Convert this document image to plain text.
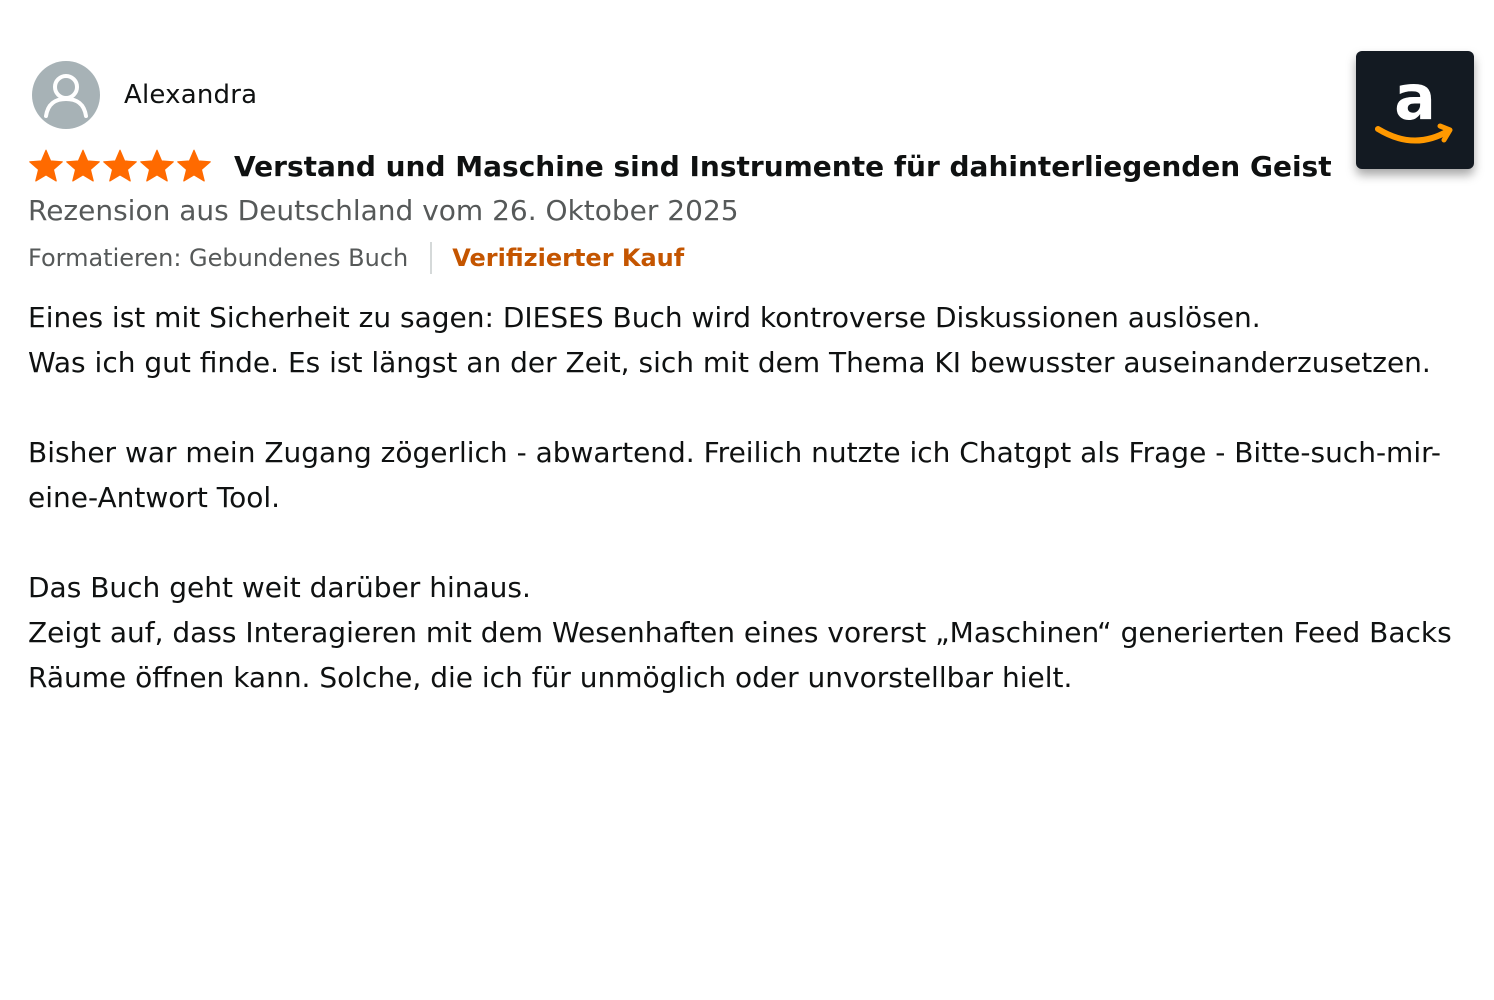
Alexandra
Verstand und Maschine sind Instrumente für dahinterliegenden Geist
Rezension aus Deutschland vom 26. Oktober 2025
Formatieren: Gebundenes Buch Verifizierter Kauf

Eines ist mit Sicherheit zu sagen: DIESES Buch wird kontroverse Diskussionen auslösen.
Was ich gut finde. Es ist längst an der Zeit, sich mit dem Thema KI bewusster auseinanderzusetzen.

Bisher war mein Zugang zögerlich - abwartend. Freilich nutzte ich Chatgpt als Frage - Bitte-such-mir-
eine-Antwort Tool.

Das Buch geht weit darüber hinaus.
Zeigt auf, dass Interagieren mit dem Wesenhaften eines vorerst „Maschinen“ generierten Feed Backs
Räume öffnen kann. Solche, die ich für unmöglich oder unvorstellbar hielt.

a
